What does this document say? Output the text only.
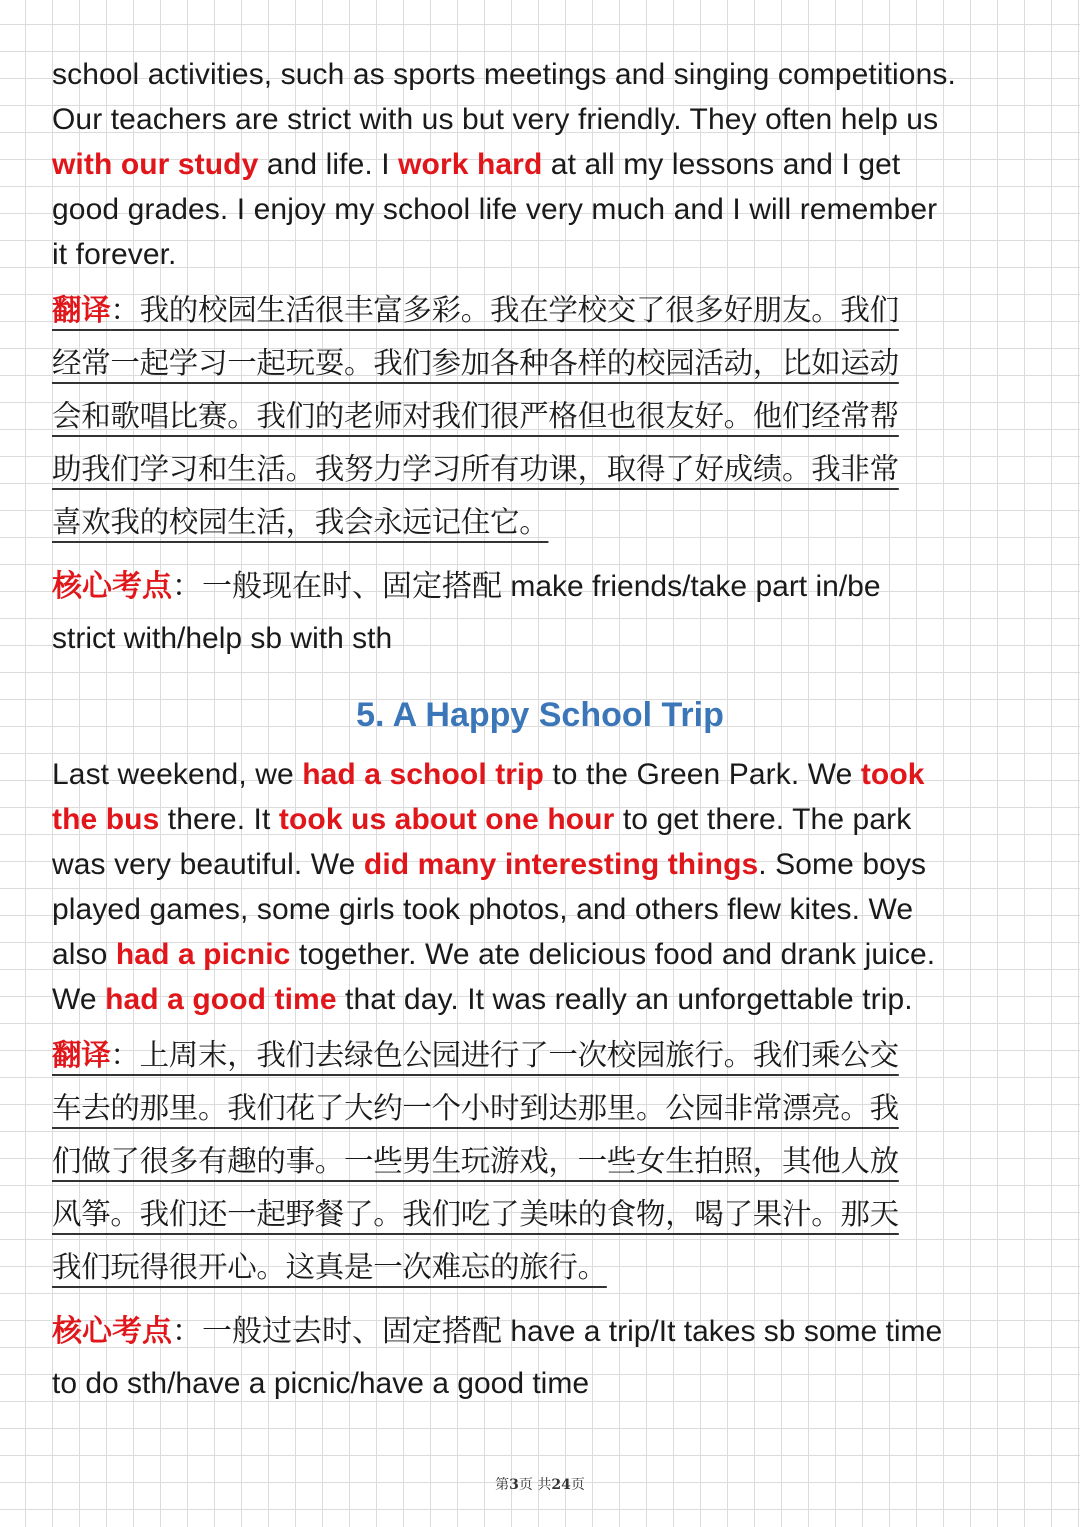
school activities, such as sports meetings and singing competitions.
Our teachers are strict with us but very friendly. They often help us
with our study and life. I work hard at all my lessons and I get
good grades. I enjoy my school life very much and I will remember
it forever.
翻译：我的校园生活很丰富多彩。我在学校交了很多好朋友。我们
经常一起学习一起玩耍。我们参加各种各样的校园活动，比如运动
会和歌唱比赛。我们的老师对我们很严格但也很友好。他们经常帮
助我们学习和生活。我努力学习所有功课，取得了好成绩。我非常
喜欢我的校园生活，我会永远记住它。
核心考点：一般现在时、固定搭配 make friends/take part in/be
strict with/help sb with sth
5. A Happy School Trip
Last weekend, we had a school trip to the Green Park. We took
the bus there. It took us about one hour to get there. The park
was very beautiful. We did many interesting things. Some boys
played games, some girls took photos, and others flew kites. We
also had a picnic together. We ate delicious food and drank juice.
We had a good time that day. It was really an unforgettable trip.
翻译：上周末，我们去绿色公园进行了一次校园旅行。我们乘公交
车去的那里。我们花了大约一个小时到达那里。公园非常漂亮。我
们做了很多有趣的事。一些男生玩游戏，一些女生拍照，其他人放
风筝。我们还一起野餐了。我们吃了美味的食物，喝了果汁。那天
我们玩得很开心。这真是一次难忘的旅行。
核心考点：一般过去时、固定搭配 have a trip/It takes sb some time
to do sth/have a picnic/have a good time
第3页 共24页
